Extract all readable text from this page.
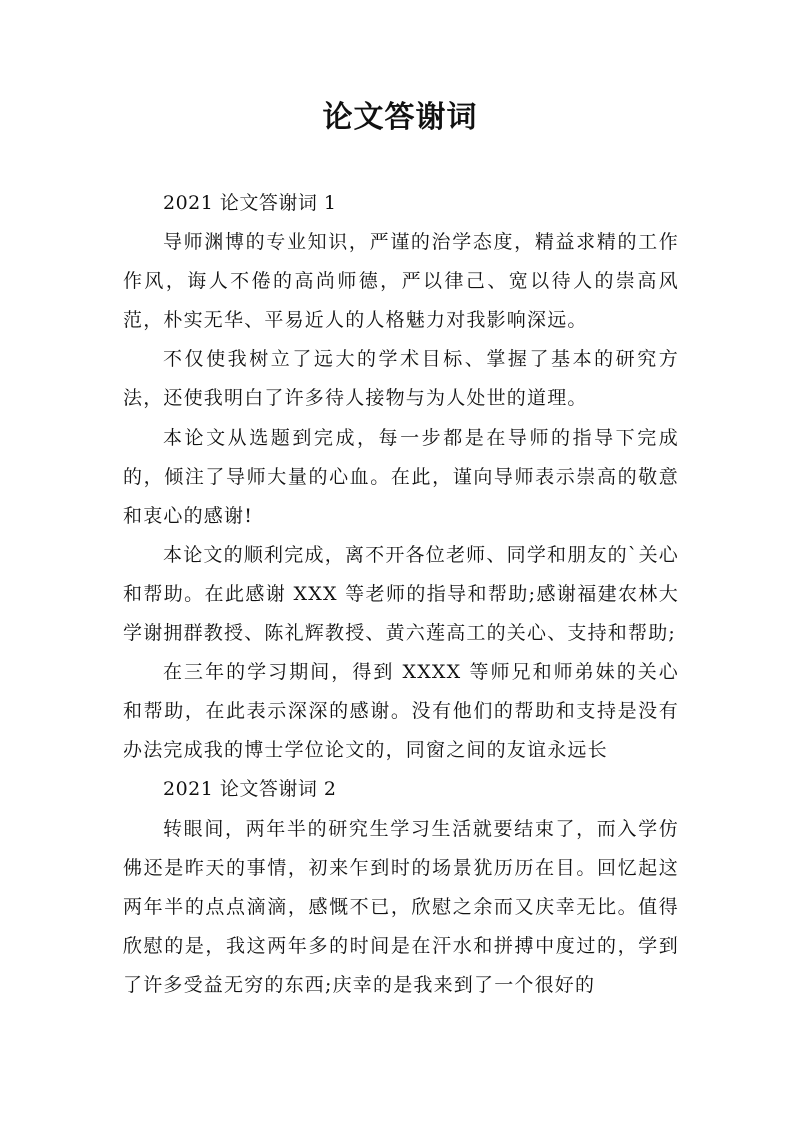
论文答谢词

2021 论文答谢词 1

导师渊博的专业知识，严谨的治学态度，精益求精的工作作风，诲人不倦的高尚师德，严以律己、宽以待人的崇高风范，朴实无华、平易近人的人格魅力对我影响深远。

不仅使我树立了远大的学术目标、掌握了基本的研究方法，还使我明白了许多待人接物与为人处世的道理。

本论文从选题到完成，每一步都是在导师的指导下完成的，倾注了导师大量的心血。在此，谨向导师表示崇高的敬意和衷心的感谢!

本论文的顺利完成，离不开各位老师、同学和朋友的`关心和帮助。在此感谢 XXX 等老师的指导和帮助;感谢福建农林大学谢拥群教授、陈礼辉教授、黄六莲高工的关心、支持和帮助;

在三年的学习期间，得到 XXXX 等师兄和师弟妹的关心和帮助，在此表示深深的感谢。没有他们的帮助和支持是没有办法完成我的博士学位论文的，同窗之间的友谊永远长

2021 论文答谢词 2

转眼间，两年半的研究生学习生活就要结束了，而入学仿佛还是昨天的事情，初来乍到时的场景犹历历在目。回忆起这两年半的点点滴滴，感慨不已，欣慰之余而又庆幸无比。值得欣慰的是，我这两年多的时间是在汗水和拼搏中度过的，学到了许多受益无穷的东西;庆幸的是我来到了一个很好的
